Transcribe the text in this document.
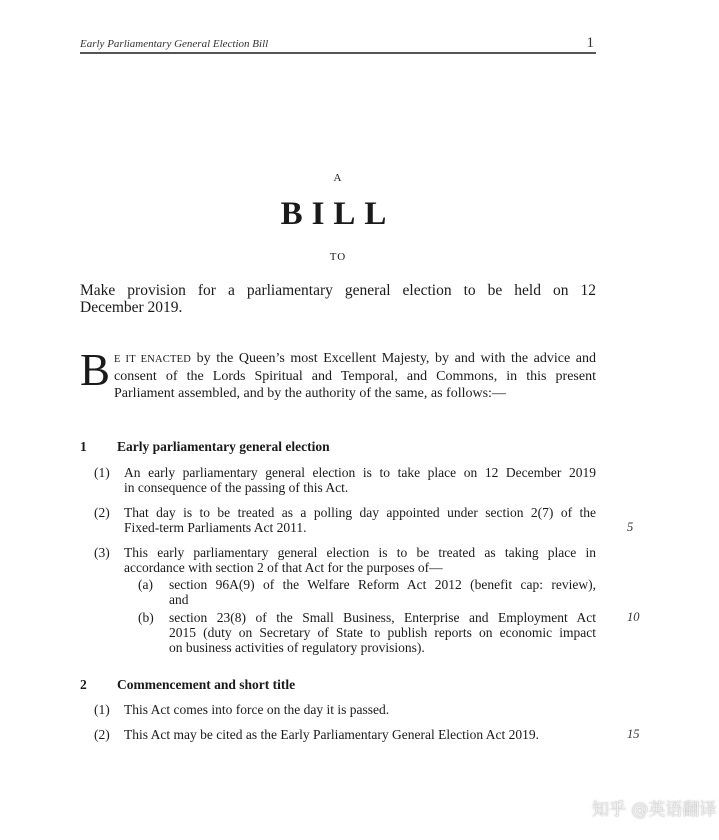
Early Parliamentary General Election Bill	1
A
BILL
TO
Make provision for a parliamentary general election to be held on 12
December 2019.
B E IT ENACTED by the Queen’s most Excellent Majesty, by and with the advice and
consent of the Lords Spiritual and Temporal, and Commons, in this present
Parliament assembled, and by the authority of the same, as follows:—
1 Early parliamentary general election
(1) An early parliamentary general election is to take place on 12 December 2019
in consequence of the passing of this Act.
(2) That day is to be treated as a polling day appointed under section 2(7) of the
Fixed-term Parliaments Act 2011.	5
(3) This early parliamentary general election is to be treated as taking place in
accordance with section 2 of that Act for the purposes of—
(a) section 96A(9) of the Welfare Reform Act 2012 (benefit cap: review),
and
(b) section 23(8) of the Small Business, Enterprise and Employment Act
2015 (duty on Secretary of State to publish reports on economic impact
on business activities of regulatory provisions).
10
2 Commencement and short title
(1) This Act comes into force on the day it is passed.
(2) This Act may be cited as the Early Parliamentary General Election Act 2019.	15
知乎 @英语翻译
